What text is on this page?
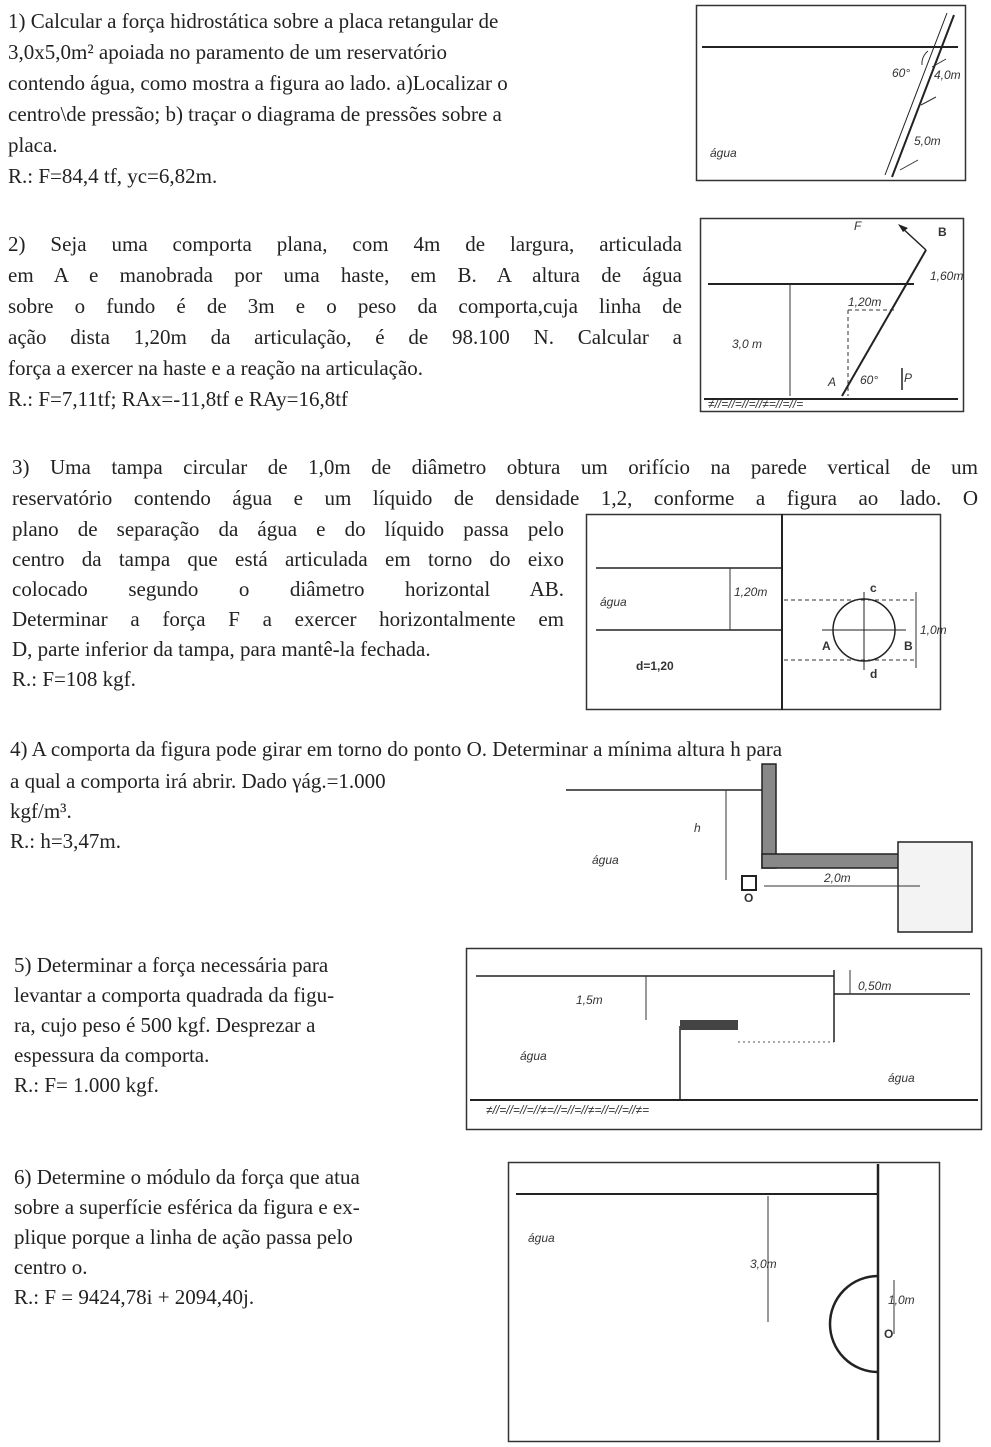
1) Calcular a força hidrostática sobre a placa retangular de
3,0x5,0m² apoiada no paramento de um reservatório
contendo água, como mostra a figura ao lado. a)Localizar o
centro\de pressão; b) traçar o diagrama de pressões sobre a
placa.
R.: F=84,4 tf, yc=6,82m.
60° 4,0m
5,0m
água
2) Seja uma comporta plana, com 4m de largura, articulada
em A e manobrada por uma haste, em B. A altura de água
sobre o fundo é de 3m e o peso da comporta,cuja linha de
ação dista 1,20m da articulação, é de 98.100 N. Calcular a
força a exercer na haste e a reação na articulação.
R.: F=7,11tf; RAx=-11,8tf e RAy=16,8tf	≠//=//=//=//≠=//=//=
F	B
1,60m
1,20m
3,0 m
A 60° P
3) Uma tampa circular de 1,0m de diâmetro obtura um orifício na parede vertical de um
reservatório contendo água e um líquido de densidade 1,2, conforme a figura ao lado. O
plano de separação da água e do líquido passa pelo
centro da tampa que está articulada em torno do eixo
colocado segundo o diâmetro horizontal AB.
Determinar a força F a exercer horizontalmente em
D, parte inferior da tampa, para mantê-la fechada.
R.: F=108 kgf.
água
1,20m	c
A	B
1,0m
d
d=1,20
4) A comporta da figura pode girar em torno do ponto O. Determinar a mínima altura h para
a qual a comporta irá abrir. Dado γág.=1.000
kgf/m³.
R.: h=3,47m.
h
água
O
2,0m
5) Determinar a força necessária para
levantar a comporta quadrada da figu-
ra, cujo peso é 500 kgf. Desprezar a
espessura da comporta.
R.: F= 1.000 kgf.
1,5m
0,50m
água
água
≠//=//=//=//≠=//=//=//≠=//=//=//≠=
6) Determine o módulo da força que atua
sobre a superfície esférica da figura e ex-
plique porque a linha de ação passa pelo
centro o.
R.: F = 9424,78i + 2094,40j.
água
3,0m
1,0m
O
